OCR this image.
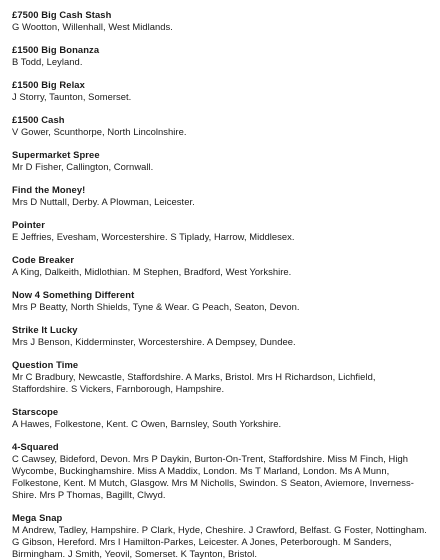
£7500 Big Cash Stash
G Wootton, Willenhall, West Midlands.
£1500 Big Bonanza
B Todd, Leyland.
£1500 Big Relax
J Storry, Taunton, Somerset.
£1500 Cash
V Gower, Scunthorpe, North Lincolnshire.
Supermarket Spree
Mr D Fisher, Callington, Cornwall.
Find the Money!
Mrs D Nuttall, Derby. A Plowman, Leicester.
Pointer
E Jeffries, Evesham, Worcestershire. S Tiplady, Harrow, Middlesex.
Code Breaker
A King, Dalkeith, Midlothian. M Stephen, Bradford, West Yorkshire.
Now 4 Something Different
Mrs P Beatty, North Shields, Tyne & Wear. G Peach, Seaton, Devon.
Strike It Lucky
Mrs J Benson, Kidderminster, Worcestershire. A Dempsey, Dundee.
Question Time
Mr C Bradbury, Newcastle, Staffordshire. A Marks, Bristol. Mrs H Richardson, Lichfield, Staffordshire. S Vickers, Farnborough, Hampshire.
Starscope
A Hawes, Folkestone, Kent. C Owen, Barnsley, South Yorkshire.
4-Squared
C Cawsey, Bideford, Devon. Mrs P Daykin, Burton-On-Trent, Staffordshire. Miss M Finch, High Wycombe, Buckinghamshire. Miss A Maddix, London. Ms T Marland, London. Ms A Munn, Folkestone, Kent. M Mutch, Glasgow. Mrs M Nicholls, Swindon. S Seaton, Aviemore, Inverness-Shire. Mrs P Thomas, Bagillt, Clwyd.
Mega Snap
M Andrew, Tadley, Hampshire. P Clark, Hyde, Cheshire. J Crawford, Belfast. G Foster, Nottingham. G Gibson, Hereford. Mrs I Hamilton-Parkes, Leicester. A Jones, Peterborough. M Sanders, Birmingham. J Smith, Yeovil, Somerset. K Taynton, Bristol.
